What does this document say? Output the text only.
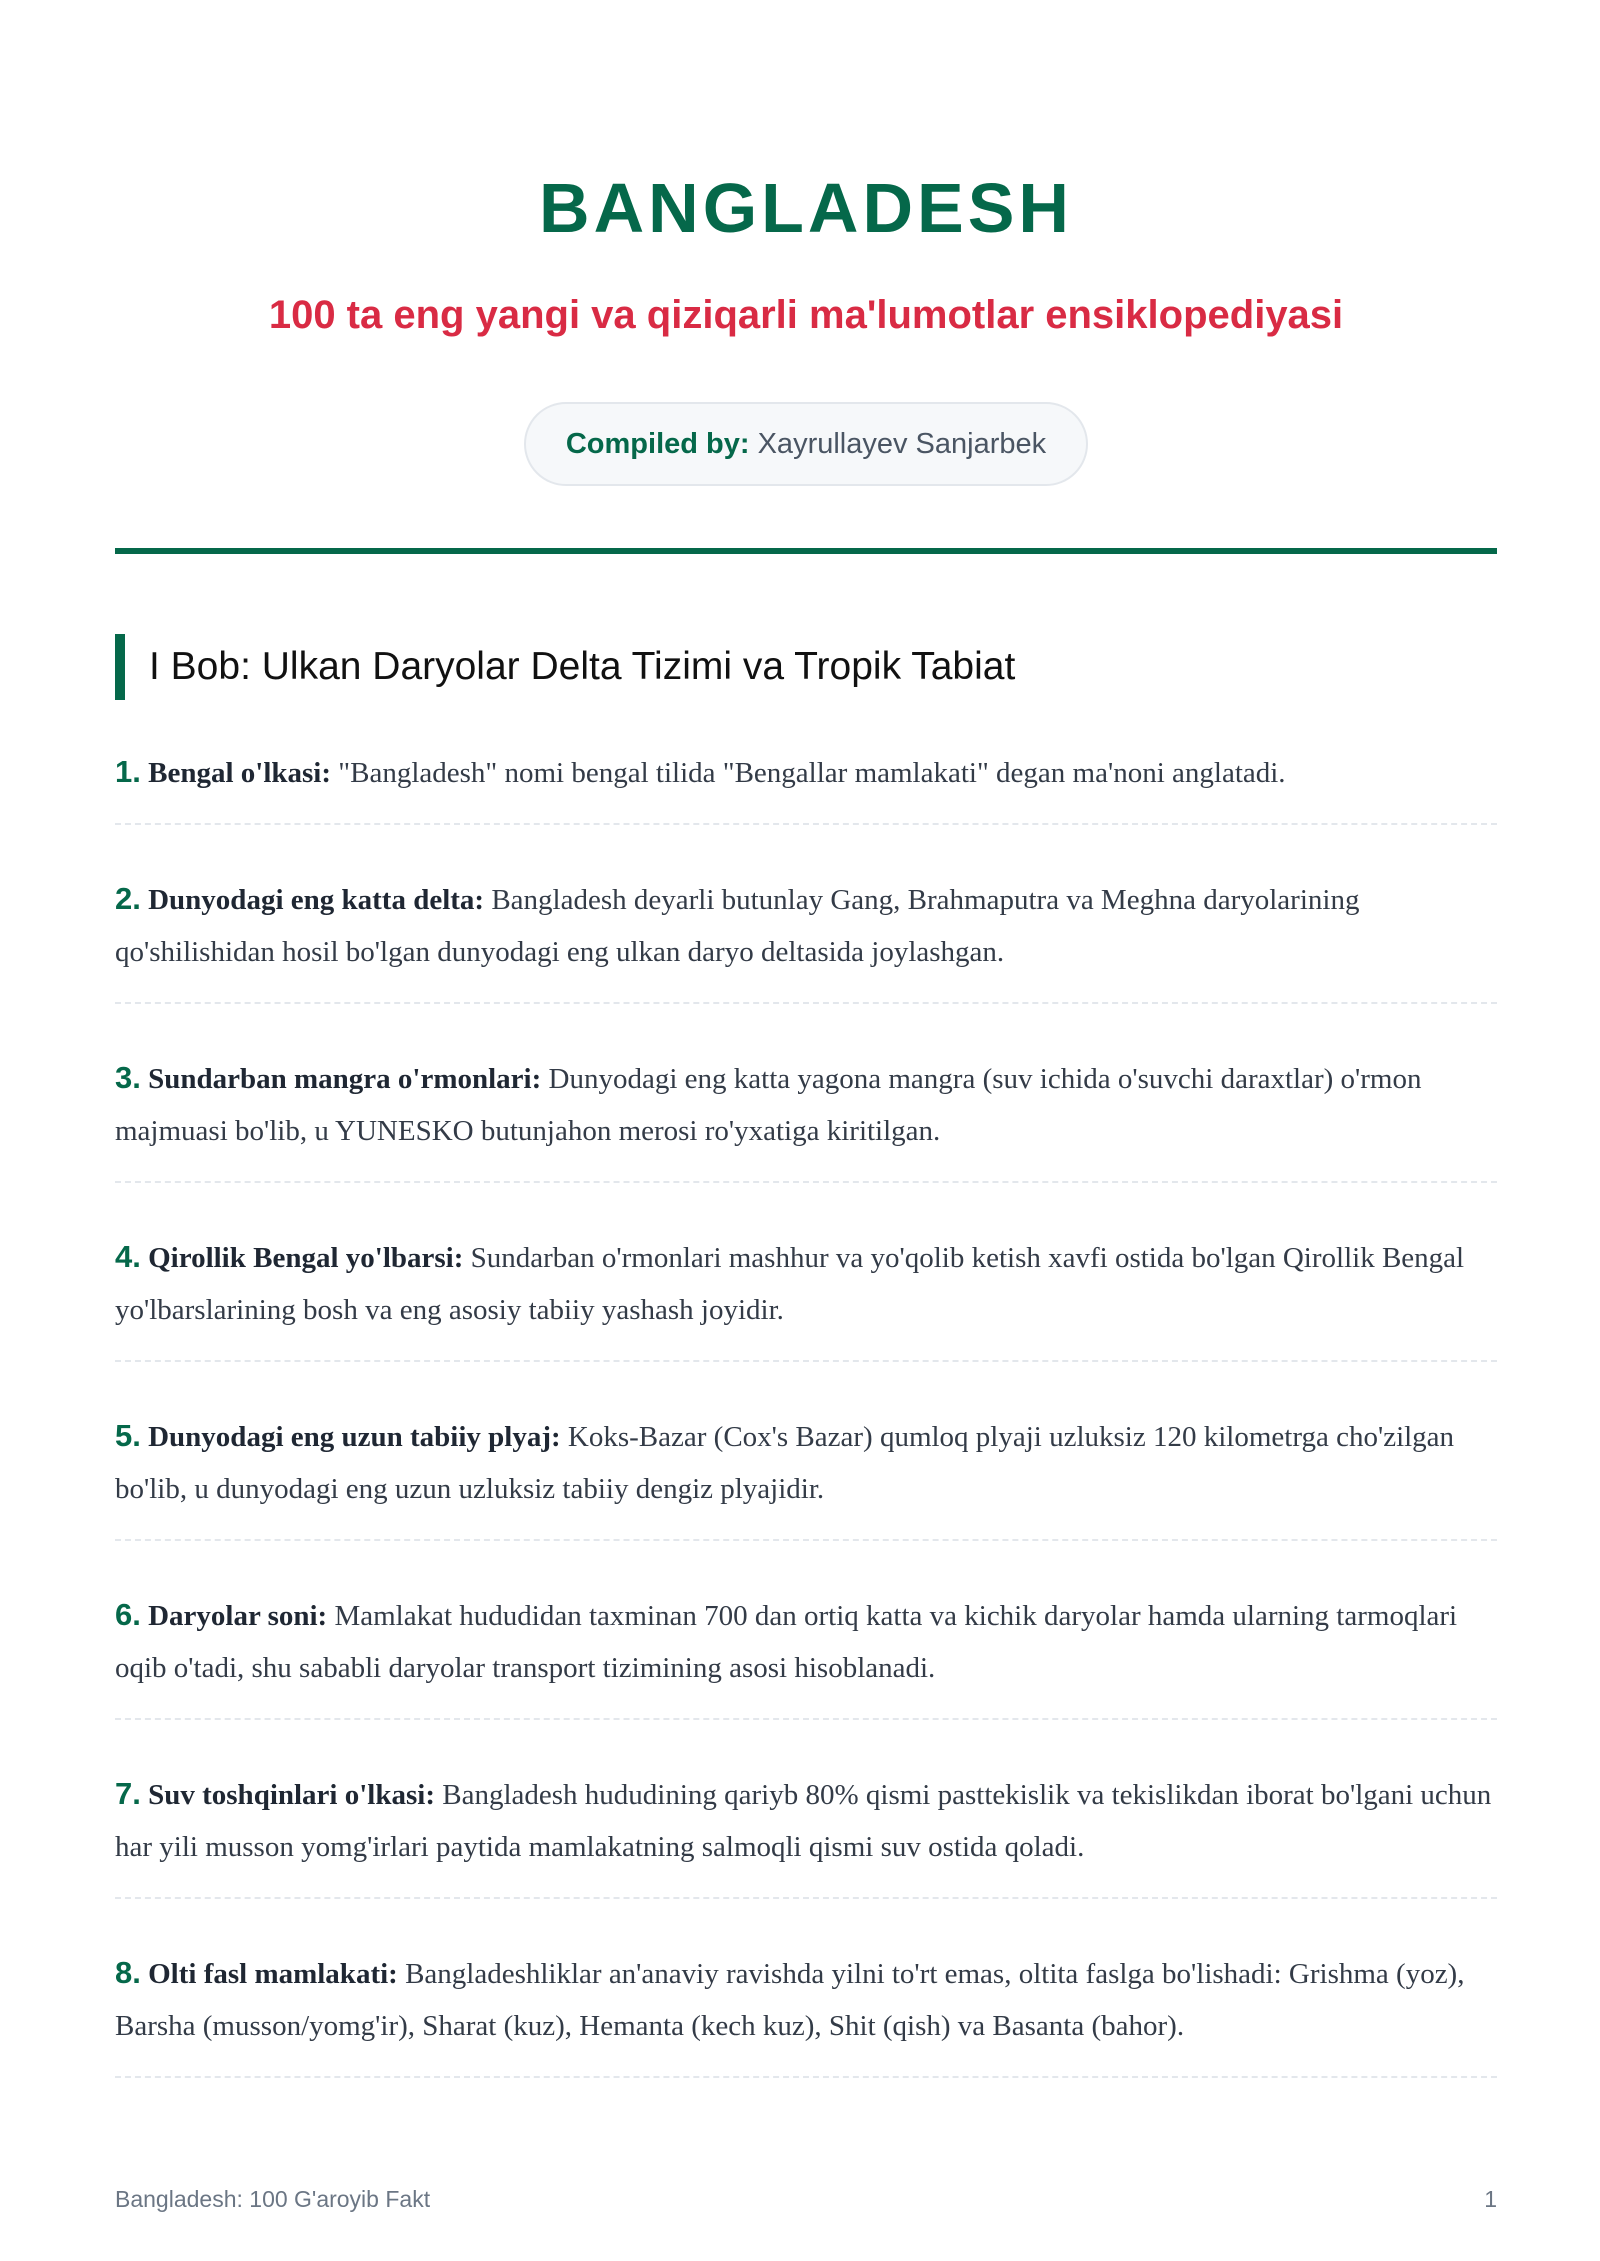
BANGLADESH
100 ta eng yangi va qiziqarli ma'lumotlar ensiklopediyasi
Compiled by: Xayrullayev Sanjarbek
I Bob: Ulkan Daryolar Delta Tizimi va Tropik Tabiat
1. Bengal o'lkasi: "Bangladesh" nomi bengal tilida "Bengallar mamlakati" degan ma'noni anglatadi.
2. Dunyodagi eng katta delta: Bangladesh deyarli butunlay Gang, Brahmaputra va Meghna daryolarining qo'shilishidan hosil bo'lgan dunyodagi eng ulkan daryo deltasida joylashgan.
3. Sundarban mangra o'rmonlari: Dunyodagi eng katta yagona mangra (suv ichida o'suvchi daraxtlar) o'rmon majmuasi bo'lib, u YUNESKO butunjahon merosi ro'yxatiga kiritilgan.
4. Qirollik Bengal yo'lbarsi: Sundarban o'rmonlari mashhur va yo'qolib ketish xavfi ostida bo'lgan Qirollik Bengal yo'lbarslarining bosh va eng asosiy tabiiy yashash joyidir.
5. Dunyodagi eng uzun tabiiy plyaj: Koks-Bazar (Cox's Bazar) qumloq plyaji uzluksiz 120 kilometrga cho'zilgan bo'lib, u dunyodagi eng uzun uzluksiz tabiiy dengiz plyajidir.
6. Daryolar soni: Mamlakat hududidan taxminan 700 dan ortiq katta va kichik daryolar hamda ularning tarmoqlari oqib o'tadi, shu sababli daryolar transport tizimining asosi hisoblanadi.
7. Suv toshqinlari o'lkasi: Bangladesh hududining qariyb 80% qismi pasttekislik va tekislikdan iborat bo'lgani uchun har yili musson yomg'irlari paytida mamlakatning salmoqli qismi suv ostida qoladi.
8. Olti fasl mamlakati: Bangladeshliklar an'anaviy ravishda yilni to'rt emas, oltita faslga bo'lishadi: Grishma (yoz), Barsha (musson/yomg'ir), Sharat (kuz), Hemanta (kech kuz), Shit (qish) va Basanta (bahor).
Bangladesh: 100 G'aroyib Fakt	1
